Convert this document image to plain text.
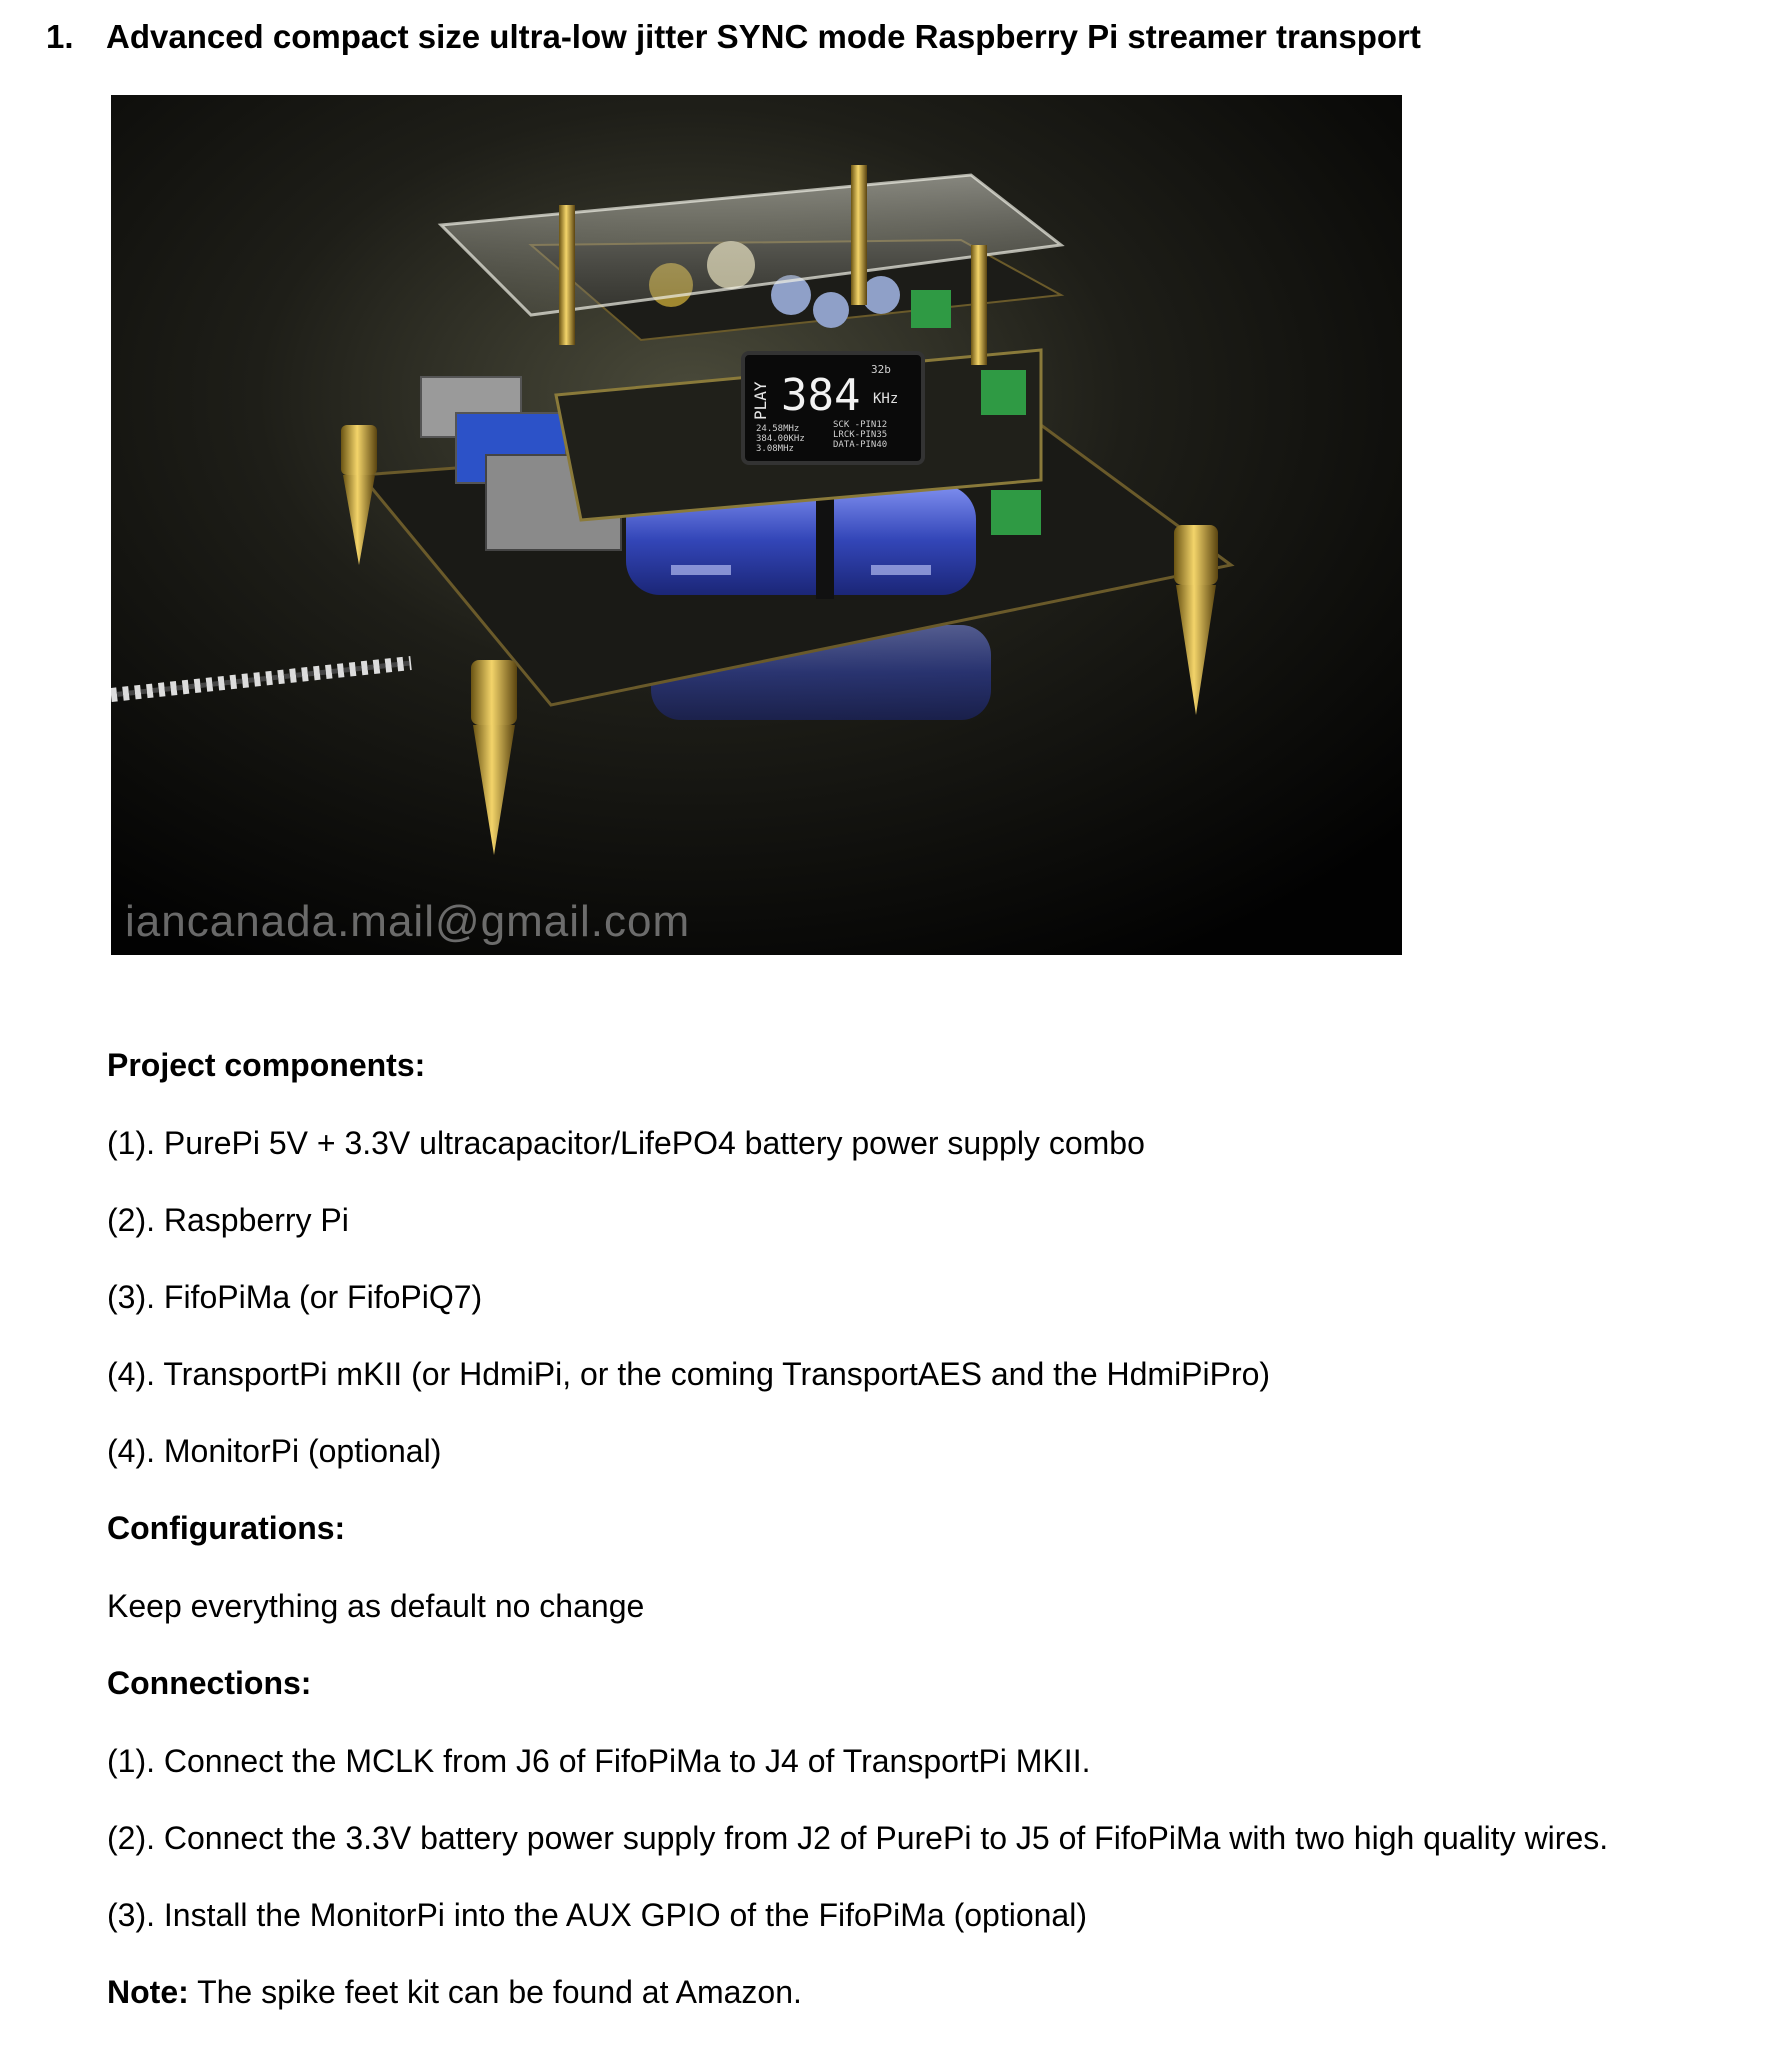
1. Advanced compact size ultra-low jitter SYNC mode Raspberry Pi streamer transport
PLAY 384
32b
KHz
24.58MHz
384.00KHz
3.08MHz
SCK -PIN12
LRCK-PIN35
DATA-PIN40
iancanada.mail@gmail.com
Project components:
(1). PurePi 5V + 3.3V ultracapacitor/LifePO4 battery power supply combo
(2). Raspberry Pi
(3). FifoPiMa (or FifoPiQ7)
(4). TransportPi mKII (or HdmiPi, or the coming TransportAES and the HdmiPiPro)
(4). MonitorPi (optional)
Configurations:
Keep everything as default no change
Connections:
(1). Connect the MCLK from J6 of FifoPiMa to J4 of TransportPi MKII.
(2). Connect the 3.3V battery power supply from J2 of PurePi to J5 of FifoPiMa with two high quality wires.
(3). Install the MonitorPi into the AUX GPIO of the FifoPiMa (optional)
Note: The spike feet kit can be found at Amazon.
